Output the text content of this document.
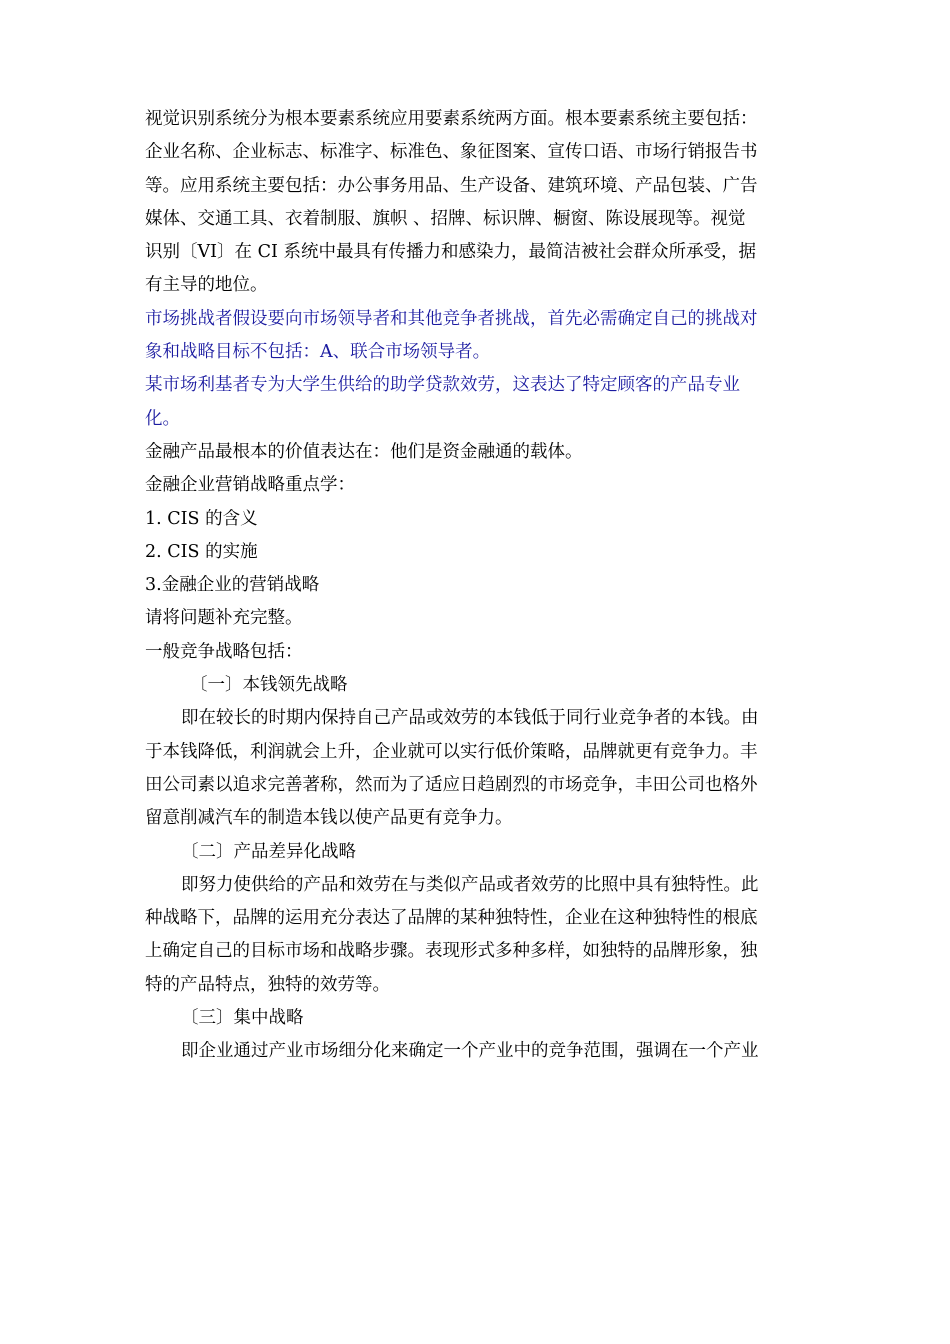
视觉识别系统分为根本要素系统应用要素系统两方面。根本要素系统主要包括：

企业名称、企业标志、标准字、标准色、象征图案、宣传口语、市场行销报告书

等。应用系统主要包括：办公事务用品、生产设备、建筑环境、产品包装、广告

媒体、交通工具、衣着制服、旗帜 、招牌、标识牌、橱窗、陈设展现等。视觉

识别〔VI〕在 CI 系统中最具有传播力和感染力，最简洁被社会群众所承受，据

有主导的地位。

市场挑战者假设要向市场领导者和其他竞争者挑战，首先必需确定自己的挑战对

象和战略目标不包括：A、联合市场领导者。

某市场利基者专为大学生供给的助学贷款效劳，这表达了特定顾客的产品专业

化。

金融产品最根本的价值表达在：他们是资金融通的载体。

金融企业营销战略重点学：

1. CIS 的含义

2. CIS 的实施

3.金融企业的营销战略

请将问题补充完整。

一般竞争战略包括：

〔一〕本钱领先战略

即在较长的时期内保持自己产品或效劳的本钱低于同行业竞争者的本钱。由

于本钱降低，利润就会上升，企业就可以实行低价策略，品牌就更有竞争力。丰

田公司素以追求完善著称，然而为了适应日趋剧烈的市场竞争，丰田公司也格外

留意削减汽车的制造本钱以使产品更有竞争力。

〔二〕产品差异化战略

即努力使供给的产品和效劳在与类似产品或者效劳的比照中具有独特性。此

种战略下，品牌的运用充分表达了品牌的某种独特性，企业在这种独特性的根底

上确定自己的目标市场和战略步骤。表现形式多种多样，如独特的品牌形象，独

特的产品特点，独特的效劳等。

〔三〕集中战略

即企业通过产业市场细分化来确定一个产业中的竞争范围，强调在一个产业
